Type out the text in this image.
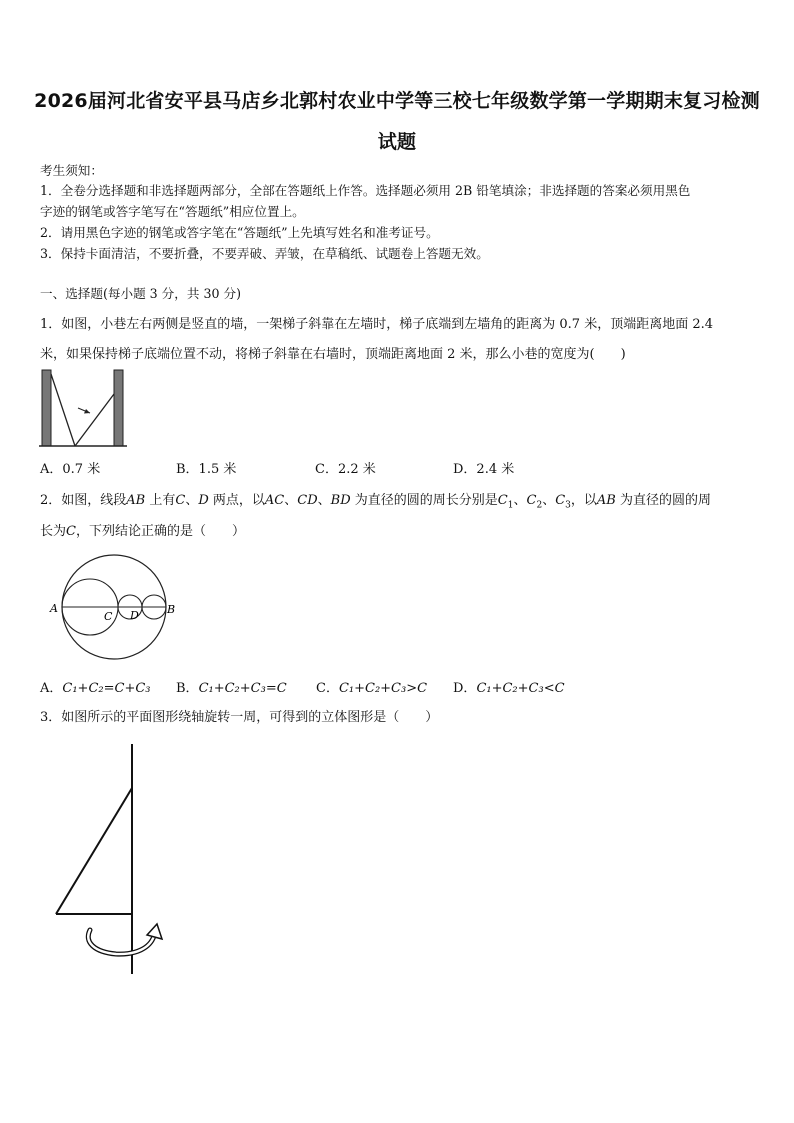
2026届河北省安平县马店乡北郭村农业中学等三校七年级数学第一学期期末复习检测
试题
考生须知：
1．全卷分选择题和非选择题两部分，全部在答题纸上作答。选择题必须用 2B 铅笔填涂；非选择题的答案必须用黑色
字迹的钢笔或答字笔写在“答题纸”相应位置上。
2．请用黑色字迹的钢笔或答字笔在“答题纸”上先填写姓名和准考证号。
3．保持卡面清洁，不要折叠，不要弄破、弄皱，在草稿纸、试题卷上答题无效。
一、选择题(每小题 3 分，共 30 分)
1．如图，小巷左右两侧是竖直的墙，一架梯子斜靠在左墙时，梯子底端到左墙角的距离为 0.7 米，顶端距离地面 2.4
米，如果保持梯子底端位置不动，将梯子斜靠在右墙时，顶端距离地面 2 米，那么小巷的宽度为(　　)
A．0.7 米	B．1.5 米	C．2.2 米	D．2.4 米
2．如图，线段AB 上有C、D 两点，以AC、CD、BD 为直径的圆的周长分别是$C_1$、$C_2$、$C_3$，以AB 为直径的圆的周
长为C，下列结论正确的是（　　）
A
C D	B
A．C₁+C₂=C+C₃ B．C₁+C₂+C₃=C C．C₁+C₂+C₃>C D．C₁+C₂+C₃<C
3．如图所示的平面图形绕轴旋转一周，可得到的立体图形是（　　）
